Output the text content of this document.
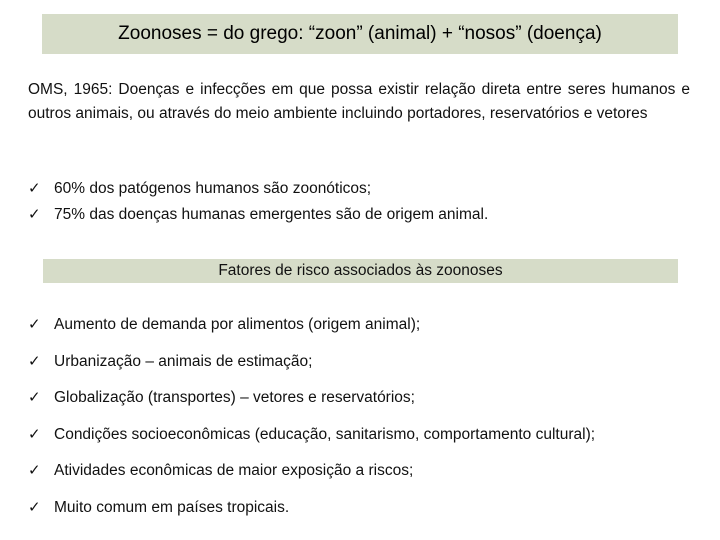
Zoonoses = do grego: “zoon” (animal) + “nosos” (doença)

OMS, 1965: Doenças e infecções em que possa existir relação direta entre seres humanos e outros animais, ou através do meio ambiente incluindo portadores, reservatórios e vetores

✓ 60% dos patógenos humanos são zoonóticos;
✓ 75% das doenças humanas emergentes são de origem animal.
Fatores de risco associados às zoonoses
✓ Aumento de demanda por alimentos (origem animal);
✓ Urbanização – animais de estimação;
✓ Globalização (transportes) – vetores e reservatórios;
✓ Condições socioeconômicas (educação, sanitarismo, comportamento cultural);
✓ Atividades econômicas de maior exposição a riscos;
✓ Muito comum em países tropicais.
